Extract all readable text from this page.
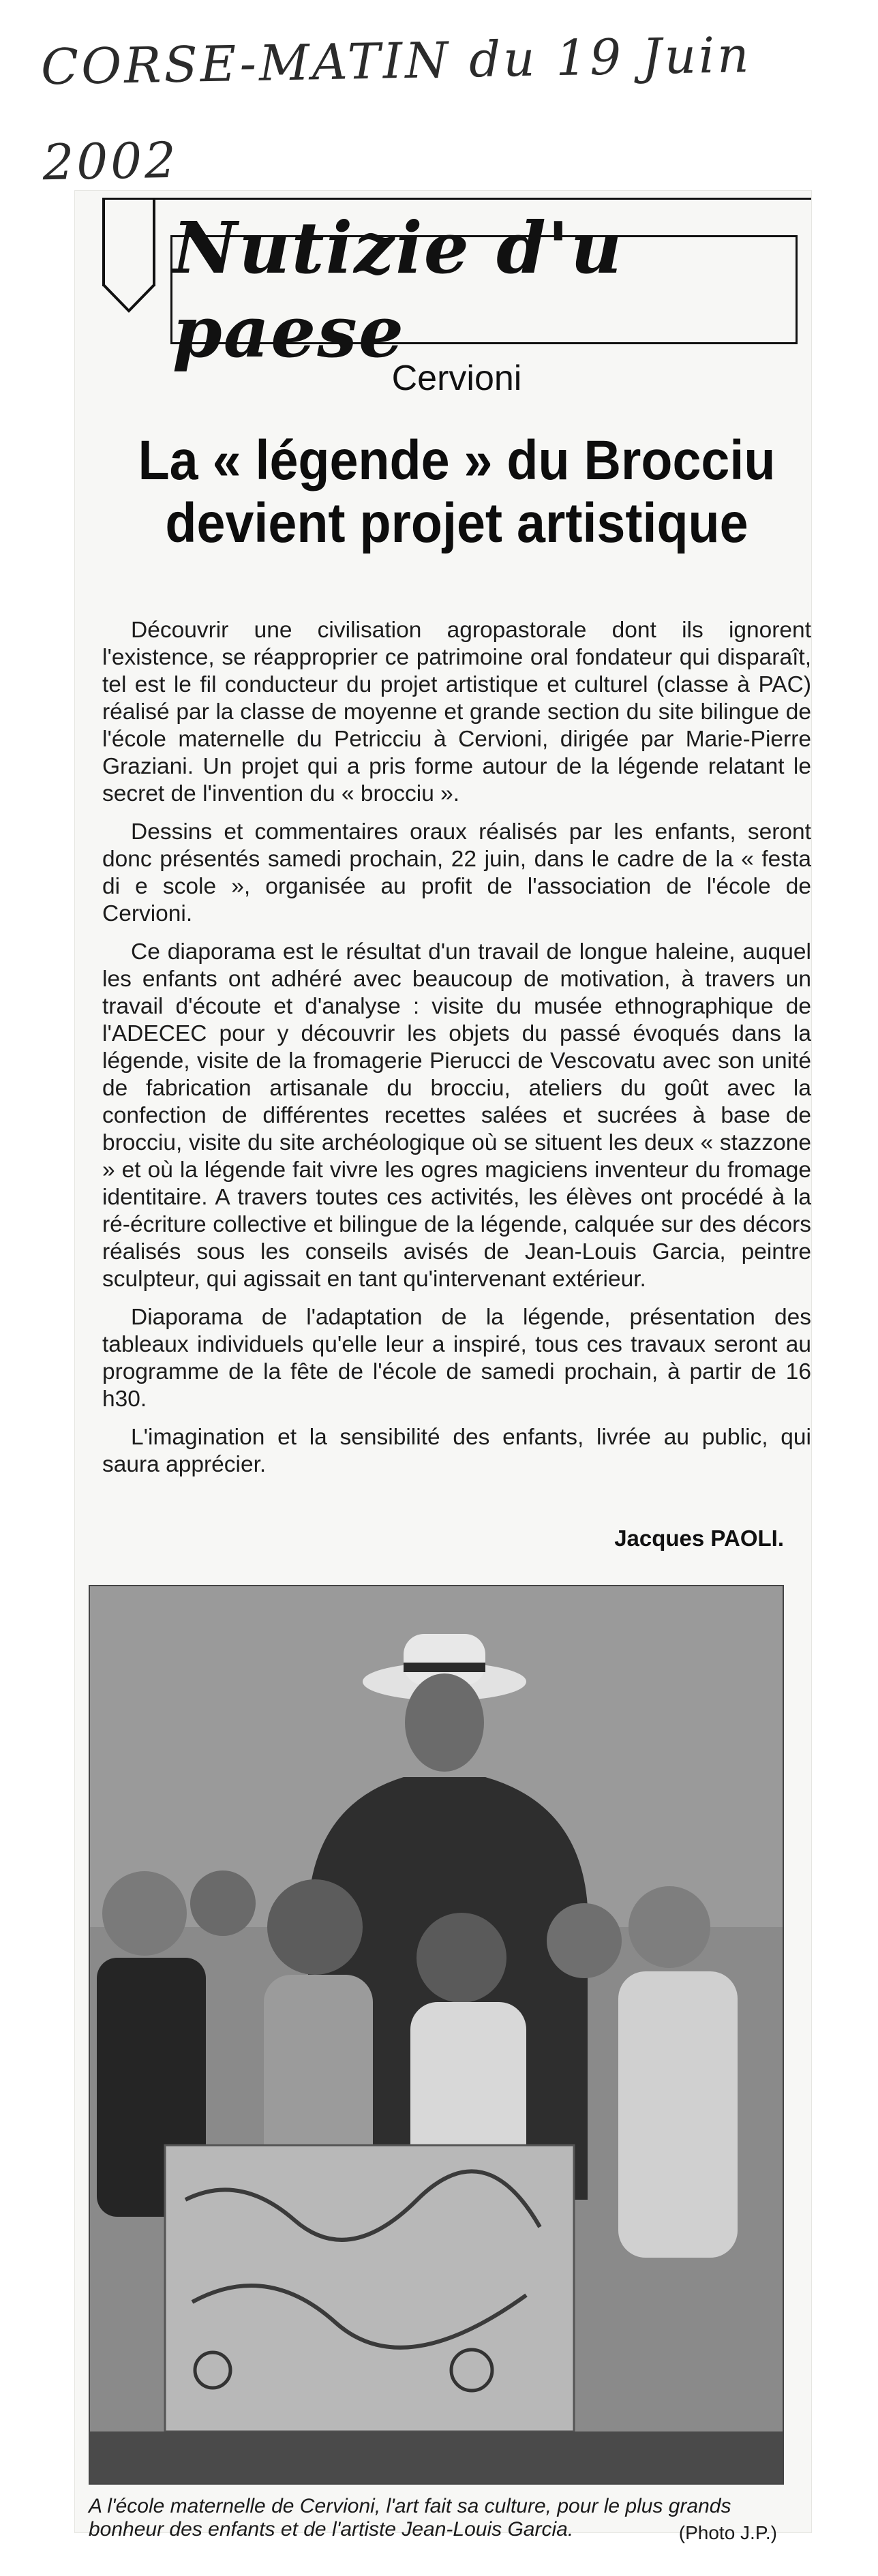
CORSE-MATIN du 19 Juin 2002
Nutizie d'u paese
Cervioni
La « légende » du Brocciu
devient projet artistique

Découvrir une civilisation agropastorale dont ils ignorent l'existence, se réapproprier ce patrimoine oral fondateur qui disparaît, tel est le fil conducteur du projet artistique et culturel (classe à PAC) réalisé par la classe de moyenne et grande section du site bilingue de l'école maternelle du Petricciu à Cervioni, dirigée par Marie-Pierre Graziani. Un projet qui a pris forme autour de la légende relatant le secret de l'invention du « brocciu ».

Dessins et commentaires oraux réalisés par les enfants, seront donc présentés samedi prochain, 22 juin, dans le cadre de la « festa di e scole », organisée au profit de l'association de l'école de Cervioni.

Ce diaporama est le résultat d'un travail de longue haleine, auquel les enfants ont adhéré avec beaucoup de motivation, à travers un travail d'écoute et d'analyse : visite du musée ethnographique de l'ADECEC pour y découvrir les objets du passé évoqués dans la légende, visite de la fromagerie Pierucci de Vescovatu avec son unité de fabrication artisanale du brocciu, ateliers du goût avec la confection de différentes recettes salées et sucrées à base de brocciu, visite du site archéologique où se situent les deux « stazzone » et où la légende fait vivre les ogres magiciens inventeur du fromage identitaire. A travers toutes ces activités, les élèves ont procédé à la ré-écriture collective et bilingue de la légende, calquée sur des décors réalisés sous les conseils avisés de Jean-Louis Garcia, peintre sculpteur, qui agissait en tant qu'intervenant extérieur.

Diaporama de l'adaptation de la légende, présentation des tableaux individuels qu'elle leur a inspiré, tous ces travaux seront au programme de la fête de l'école de samedi prochain, à partir de 16 h30.

L'imagination et la sensibilité des enfants, livrée au public, qui saura apprécier.

Jacques PAOLI.
A l'école maternelle de Cervioni, l'art fait sa culture, pour le plus grands bonheur des enfants et de l'artiste Jean-Louis Garcia.	(Photo J.P.)
